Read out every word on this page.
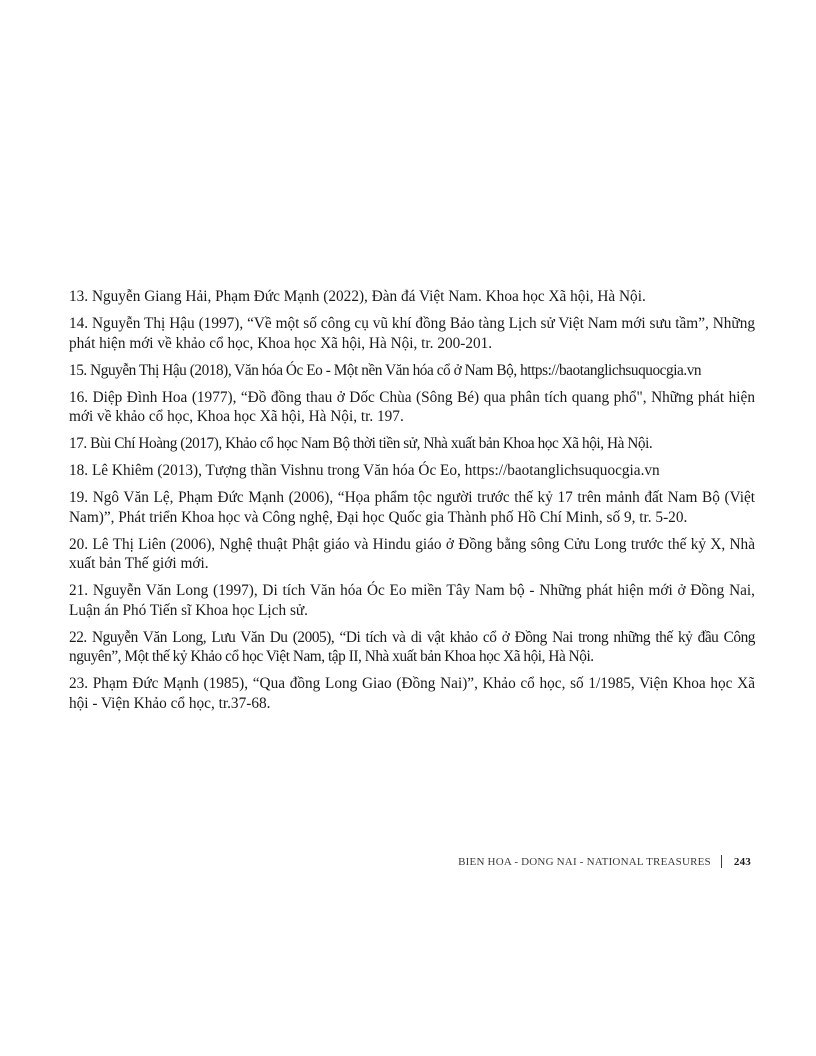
13. Nguyễn Giang Hải, Phạm Đức Mạnh (2022), Đàn đá Việt Nam. Khoa học Xã hội, Hà Nội.
14. Nguyễn Thị Hậu (1997), “Về một số công cụ vũ khí đồng Bảo tàng Lịch sử Việt Nam mới sưu tầm”, Những phát hiện mới về khảo cổ học, Khoa học Xã hội, Hà Nội, tr. 200-201.
15. Nguyễn Thị Hậu (2018), Văn hóa Óc Eo - Một nền Văn hóa cổ ở Nam Bộ, https://baotanglichsuquocgia.vn
16. Diệp Đình Hoa (1977), “Đồ đồng thau ở Dốc Chùa (Sông Bé) qua phân tích quang phổ", Những phát hiện mới về khảo cổ học, Khoa học Xã hội, Hà Nội, tr. 197.
17. Bùi Chí Hoàng (2017), Khảo cổ học Nam Bộ thời tiền sử, Nhà xuất bản Khoa học Xã hội, Hà Nội.
18. Lê Khiêm (2013), Tượng thần Vishnu trong Văn hóa Óc Eo, https://baotanglichsuquocgia.vn
19. Ngô Văn Lệ, Phạm Đức Mạnh (2006), “Họa phẩm tộc người trước thế kỷ 17 trên mảnh đất Nam Bộ (Việt Nam)”, Phát triển Khoa học và Công nghệ, Đại học Quốc gia Thành phố Hồ Chí Minh, số 9, tr. 5-20.
20. Lê Thị Liên (2006), Nghệ thuật Phật giáo và Hindu giáo ở Đồng bằng sông Cửu Long trước thế kỷ X, Nhà xuất bản Thế giới mới.
21. Nguyễn Văn Long (1997), Di tích Văn hóa Óc Eo miền Tây Nam bộ - Những phát hiện mới ở Đồng Nai, Luận án Phó Tiến sĩ Khoa học Lịch sử.
22. Nguyễn Văn Long, Lưu Văn Du (2005), “Di tích và di vật khảo cổ ở Đồng Nai trong những thế kỷ đầu Công nguyên”, Một thế kỷ Khảo cổ học Việt Nam, tập II, Nhà xuất bản Khoa học Xã hội, Hà Nội.
23. Phạm Đức Mạnh (1985), “Qua đồng Long Giao (Đồng Nai)”, Khảo cổ học, số 1/1985, Viện Khoa học Xã hội - Viện Khảo cổ học, tr.37-68.
BIEN HOA - DONG NAI - NATIONAL TREASURES 243
